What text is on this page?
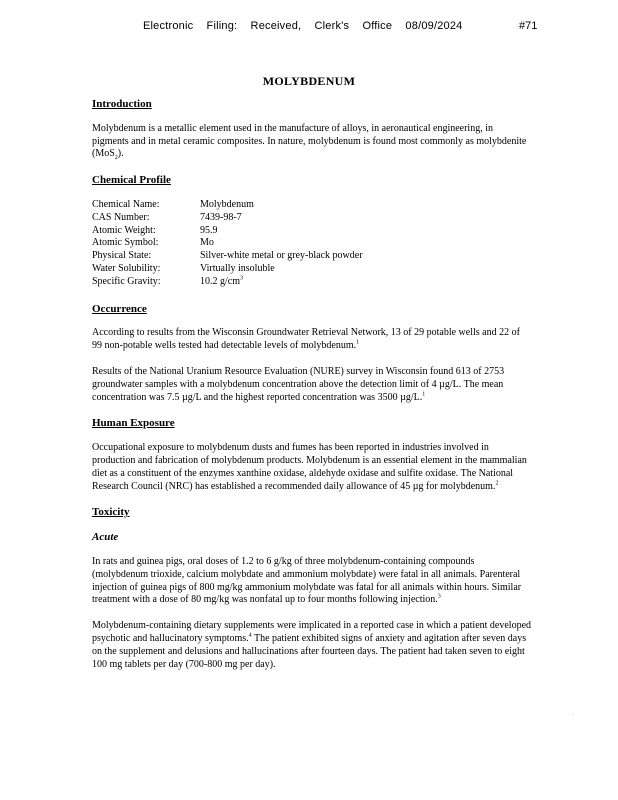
Electronic Filing: Received, Clerk's Office 08/09/2024	#71
MOLYBDENUM
Introduction

Molybdenum is a metallic element used in the manufacture of alloys, in aeronautical engineering, in pigments and in metal ceramic composites. In nature, molybdenum is found most commonly as molybdenite (MoS$_2$).

Chemical Profile
Chemical Name:	Molybdenum
CAS Number:	7439-98-7
Atomic Weight:	95.9
Atomic Symbol:	Mo
Physical State:	Silver-white metal or grey-black powder
Water Solubility:	Virtually insoluble
Specific Gravity:	10.2 $g/cm^3$
Occurrence

According to results from the Wisconsin Groundwater Retrieval Network, 13 of 29 potable wells and 22 of 99 non-potable wells tested had detectable levels of molybdenum.$^1$

Results of the National Uranium Resource Evaluation (NURE) survey in Wisconsin found 613 of 2753 groundwater samples with a molybdenum concentration above the detection limit of 4 µg/L. The mean concentration was 7.5 µg/L and the highest reported concentration was 3500 µg/L.$^1$

Human Exposure

Occupational exposure to molybdenum dusts and fumes has been reported in industries involved in production and fabrication of molybdenum products. Molybdenum is an essential element in the mammalian diet as a constituent of the enzymes xanthine oxidase, aldehyde oxidase and sulfite oxidase. The National Research Council (NRC) has established a recommended daily allowance of 45 µg for molybdenum.$^2$

Toxicity
Acute

In rats and guinea pigs, oral doses of 1.2 to 6 g/kg of three molybdenum-containing compounds (molybdenum trioxide, calcium molybdate and ammonium molybdate) were fatal in all animals. Parenteral injection of guinea pigs of 800 mg/kg ammonium molybdate was fatal for all animals within hours. Similar treatment with a dose of 80 mg/kg was nonfatal up to four months following injection.$^3$

Molybdenum-containing dietary supplements were implicated in a reported case in which a patient developed psychotic and hallucinatory symptoms.$^4$ The patient exhibited signs of anxiety and agitation after seven days on the supplement and delusions and hallucinations after fourteen days. The patient had taken seven to eight 100 mg tablets per day (700-800 mg per day).

·
